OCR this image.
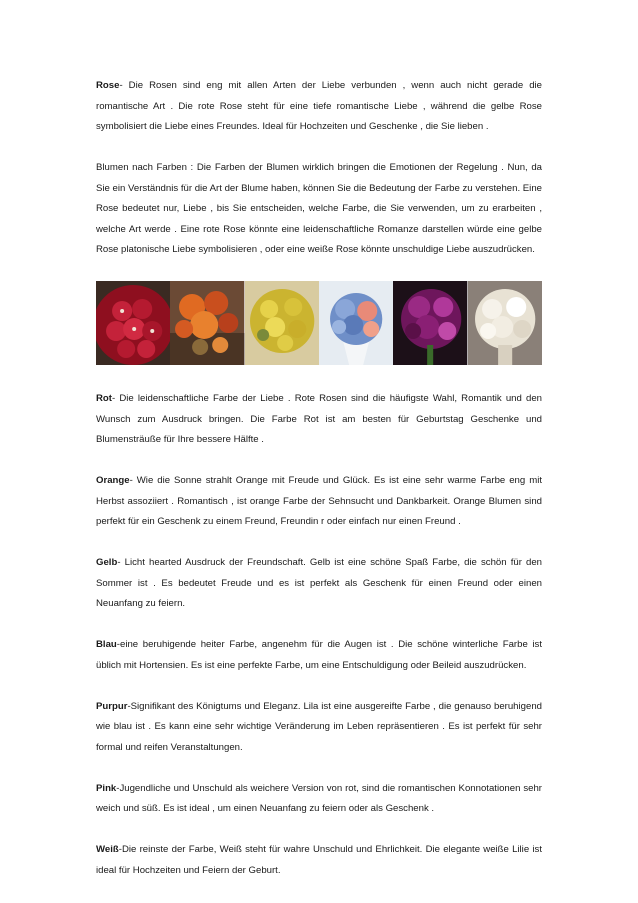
Rose- Die Rosen sind eng mit allen Arten der Liebe verbunden , wenn auch nicht gerade die romantische Art . Die rote Rose steht für eine tiefe romantische Liebe , während die gelbe Rose symbolisiert die Liebe eines Freundes. Ideal für Hochzeiten und Geschenke , die Sie lieben .

Blumen nach Farben : Die Farben der Blumen wirklich bringen die Emotionen der Regelung . Nun, da Sie ein Verständnis für die Art der Blume haben, können Sie die Bedeutung der Farbe zu verstehen. Eine Rose bedeutet nur, Liebe , bis Sie entscheiden, welche Farbe, die Sie verwenden, um zu erarbeiten , welche Art werde . Eine rote Rose könnte eine leidenschaftliche Romanze darstellen würde eine gelbe Rose platonische Liebe symbolisieren , oder eine weiße Rose könnte unschuldige Liebe auszudrücken.

Rot- Die leidenschaftliche Farbe der Liebe . Rote Rosen sind die häufigste Wahl, Romantik und den Wunsch zum Ausdruck bringen. Die Farbe Rot ist am besten für Geburtstag Geschenke und Blumensträuße für Ihre bessere Hälfte .

Orange- Wie die Sonne strahlt Orange mit Freude und Glück. Es ist eine sehr warme Farbe eng mit Herbst assoziiert . Romantisch , ist orange Farbe der Sehnsucht und Dankbarkeit. Orange Blumen sind perfekt für ein Geschenk zu einem Freund, Freundin r oder einfach nur einen Freund .

Gelb- Licht hearted Ausdruck der Freundschaft. Gelb ist eine schöne Spaß Farbe, die schön für den Sommer ist . Es bedeutet Freude und es ist perfekt als Geschenk für einen Freund oder einen Neuanfang zu feiern.

Blau-eine beruhigende heiter Farbe, angenehm für die Augen ist . Die schöne winterliche Farbe ist üblich mit Hortensien. Es ist eine perfekte Farbe, um eine Entschuldigung oder Beileid auszudrücken.

Purpur-Signifikant des Königtums und Eleganz. Lila ist eine ausgereifte Farbe , die genauso beruhigend wie blau ist . Es kann eine sehr wichtige Veränderung im Leben repräsentieren . Es ist perfekt für sehr formal und reifen Veranstaltungen.

Pink-Jugendliche und Unschuld als weichere Version von rot, sind die romantischen Konnotationen sehr weich und süß. Es ist ideal , um einen Neuanfang zu feiern oder als Geschenk .

Weiß-Die reinste der Farbe, Weiß steht für wahre Unschuld und Ehrlichkeit. Die elegante weiße Lilie ist ideal für Hochzeiten und Feiern der Geburt.
